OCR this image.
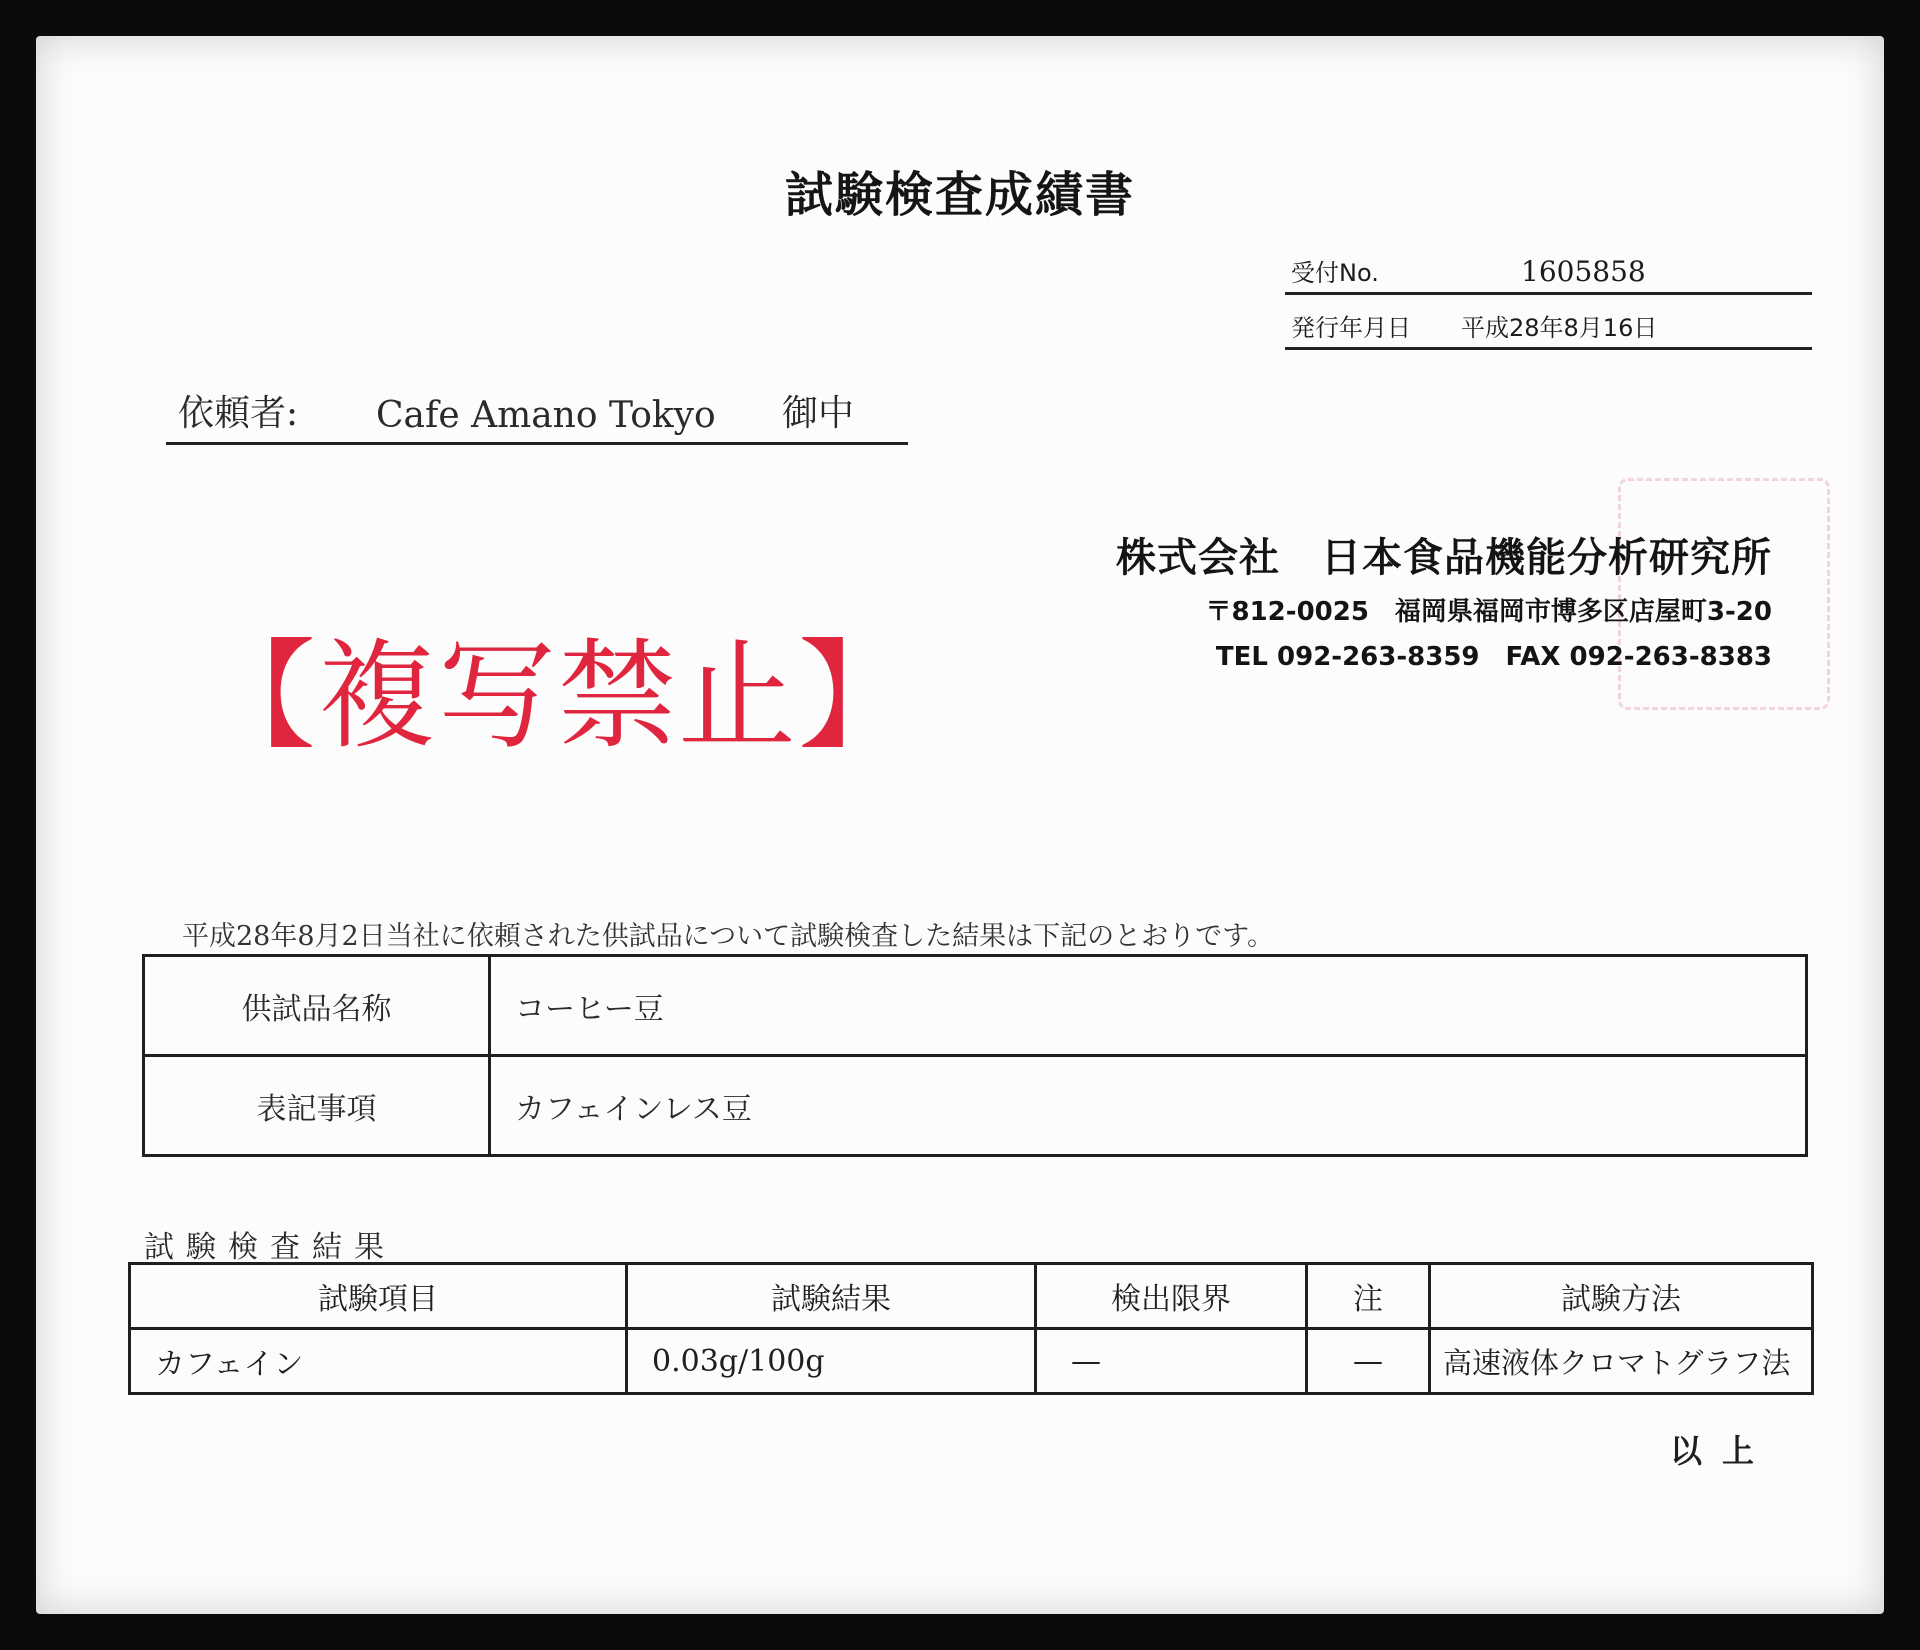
試験検査成績書
受付No.	1605858
発行年月日 平成28年8月16日
依頼者: Cafe Amano Tokyo 御中
株式会社　日本食品機能分析研究所
〒812-0025　福岡県福岡市博多区店屋町3-20
TEL 092-263-8359　FAX 092-263-8383
【複写禁止】
平成28年8月2日当社に依頼された供試品について試験検査した結果は下記のとおりです。
供試品名称	コーヒー豆
表記事項	カフェインレス豆
試験検査結果
試験項目	試験結果	検出限界	注	試験方法
カフェイン	0.03g/100g	—	—	高速液体クロマトグラフ法
以上
